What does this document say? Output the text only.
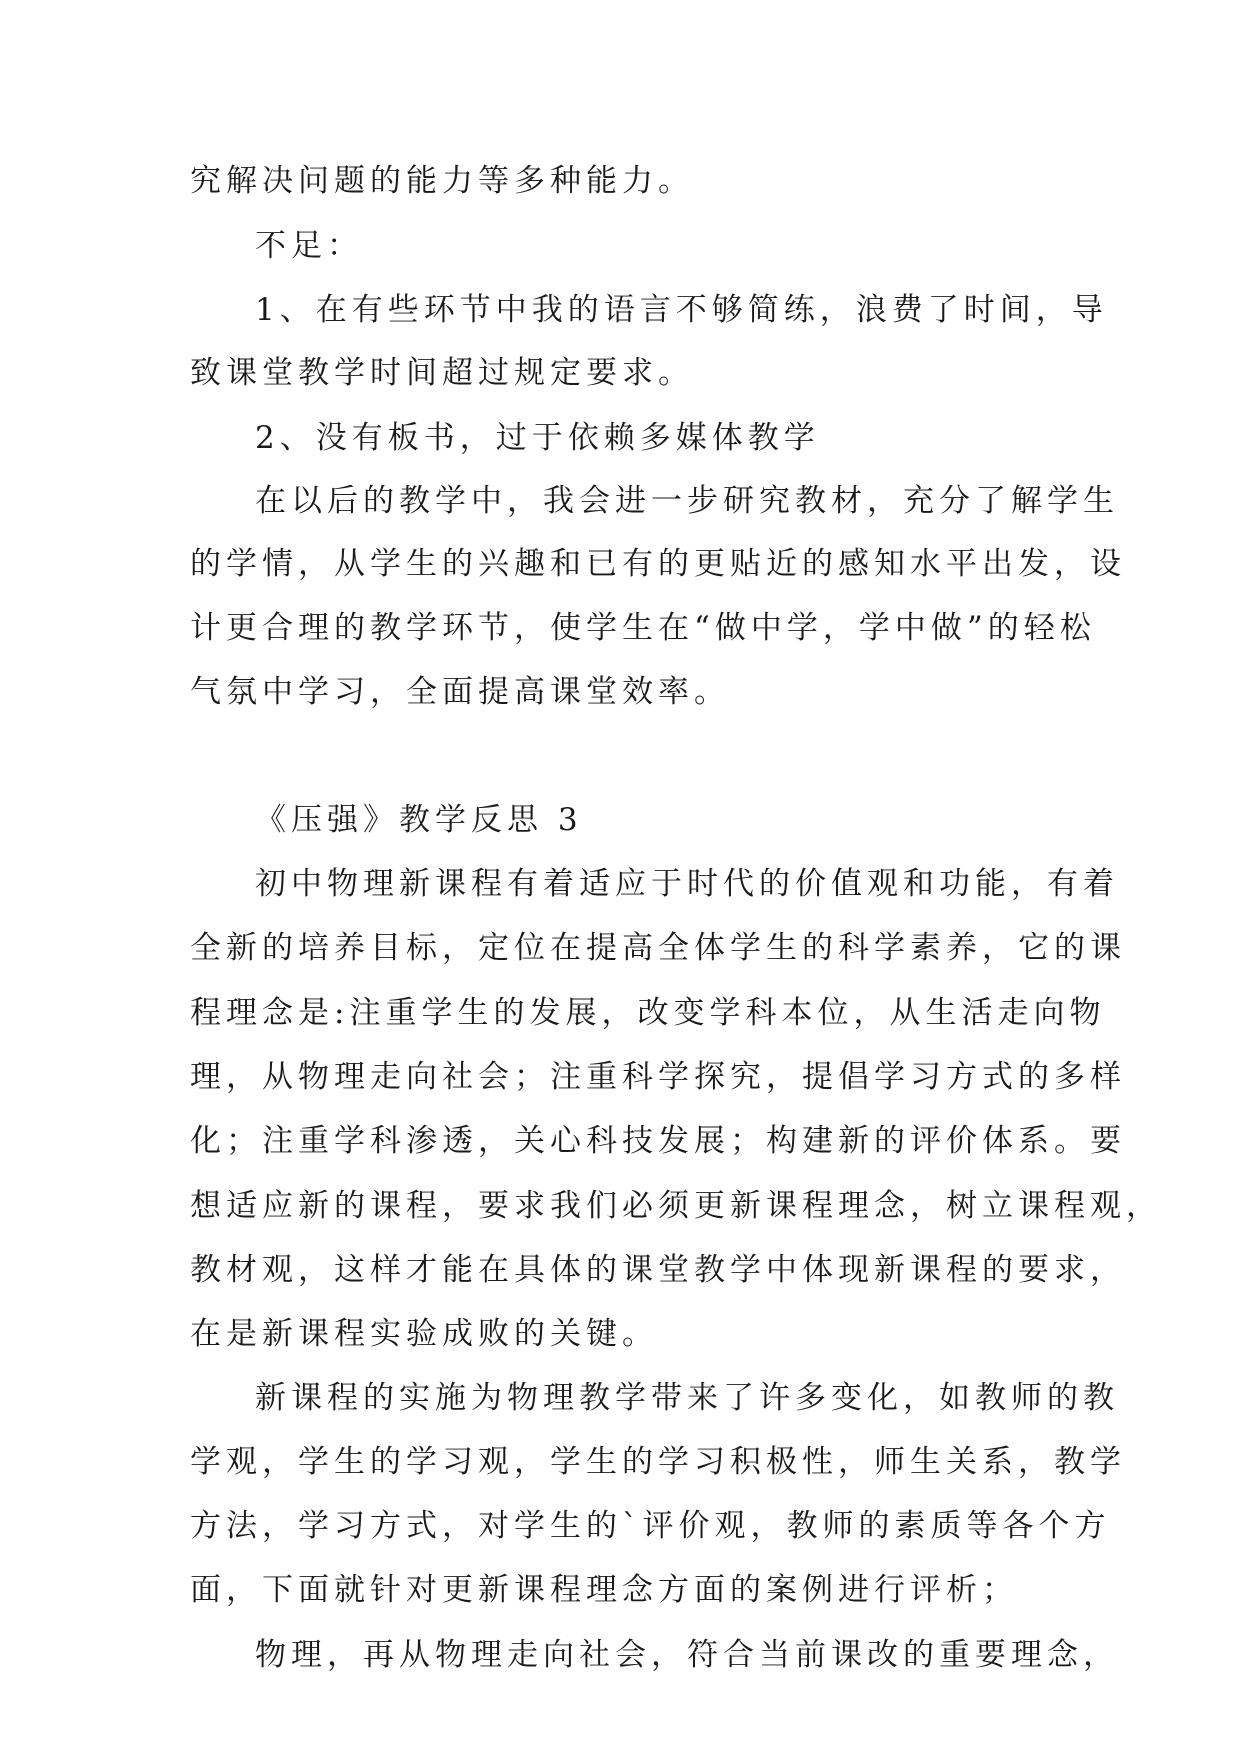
究解决问题的能力等多种能力。
不足：
1、在有些环节中我的语言不够简练，浪费了时间，导
致课堂教学时间超过规定要求。
2、没有板书，过于依赖多媒体教学
在以后的教学中，我会进一步研究教材，充分了解学生
的学情，从学生的兴趣和已有的更贴近的感知水平出发，设
计更合理的教学环节，使学生在“做中学，学中做”的轻松
气氛中学习，全面提高课堂效率。
《压强》教学反思 3
初中物理新课程有着适应于时代的价值观和功能，有着
全新的培养目标，定位在提高全体学生的科学素养，它的课
程理念是:注重学生的发展，改变学科本位，从生活走向物
理，从物理走向社会；注重科学探究，提倡学习方式的多样
化；注重学科渗透，关心科技发展；构建新的评价体系。要
想适应新的课程，要求我们必须更新课程理念，树立课程观，
教材观，这样才能在具体的课堂教学中体现新课程的要求，
在是新课程实验成败的关键。
新课程的实施为物理教学带来了许多变化，如教师的教
学观，学生的学习观，学生的学习积极性，师生关系，教学
方法，学习方式，对学生的`评价观，教师的素质等各个方
面，下面就针对更新课程理念方面的案例进行评析；
物理，再从物理走向社会，符合当前课改的重要理念，
